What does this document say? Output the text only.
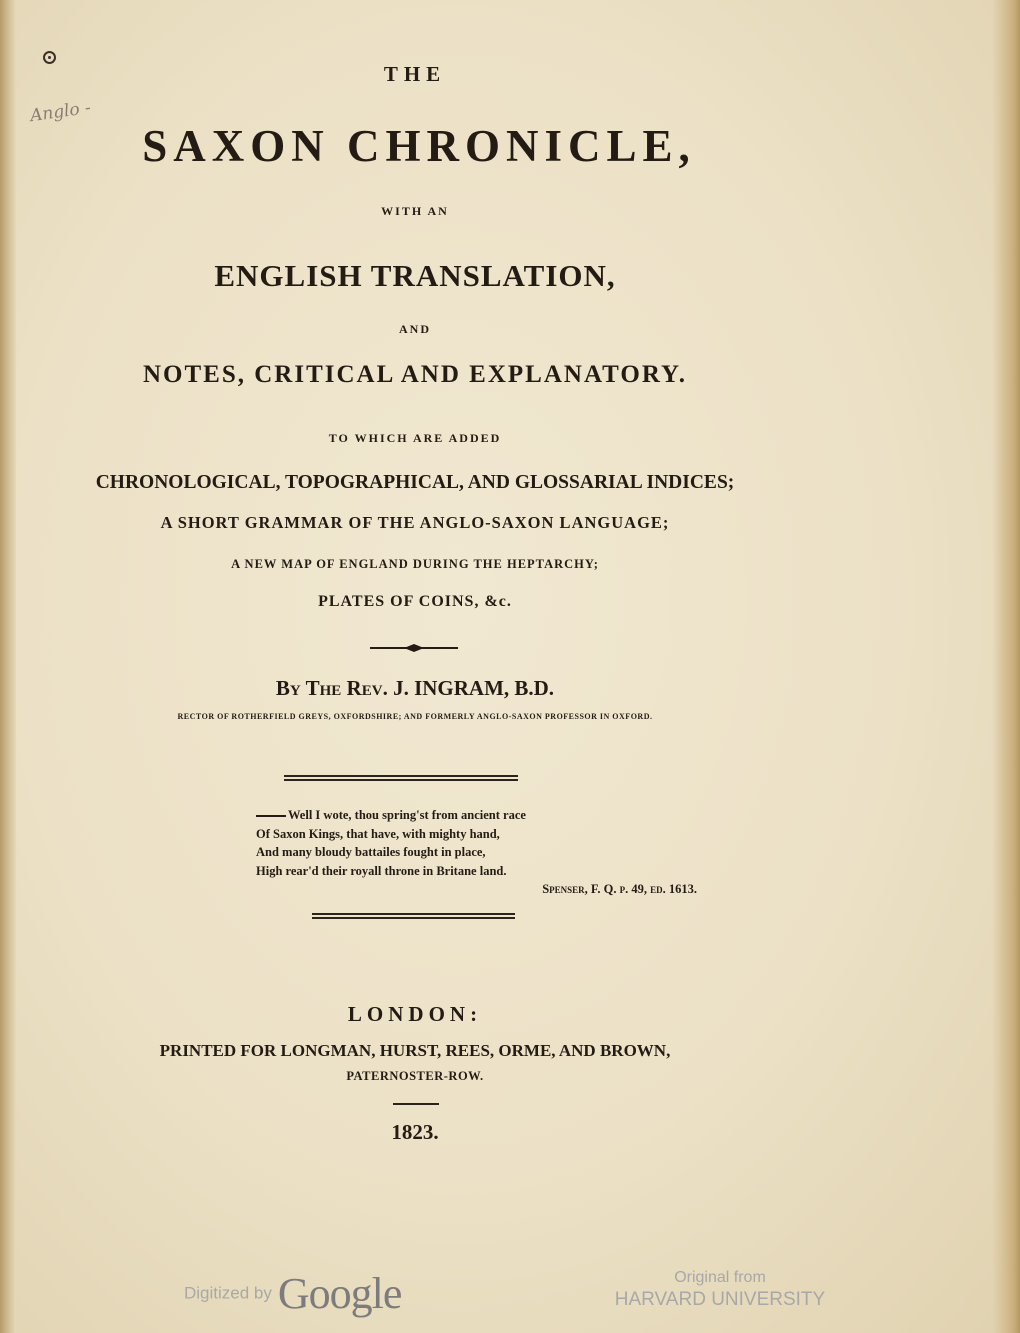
Anglo -
THE
SAXON CHRONICLE,
WITH AN
ENGLISH TRANSLATION,
AND
NOTES, CRITICAL AND EXPLANATORY.
TO WHICH ARE ADDED
CHRONOLOGICAL, TOPOGRAPHICAL, AND GLOSSARIAL INDICES;
A SHORT GRAMMAR OF THE ANGLO-SAXON LANGUAGE;
A NEW MAP OF ENGLAND DURING THE HEPTARCHY;
PLATES OF COINS, &c.
By The Rev. J. INGRAM, B.D.
RECTOR OF ROTHERFIELD GREYS, OXFORDSHIRE; AND FORMERLY ANGLO-SAXON PROFESSOR IN OXFORD.
Well I wote, thou spring'st from ancient race
Of Saxon Kings, that have, with mighty hand,
And many bloudy battailes fought in place,
High rear'd their royall throne in Britane land.
Spenser, F. Q. p. 49, ed. 1613.
LONDON:
PRINTED FOR LONGMAN, HURST, REES, ORME, AND BROWN,
PATERNOSTER-ROW.
1823.
Digitized by Google	Original from
HARVARD UNIVERSITY
